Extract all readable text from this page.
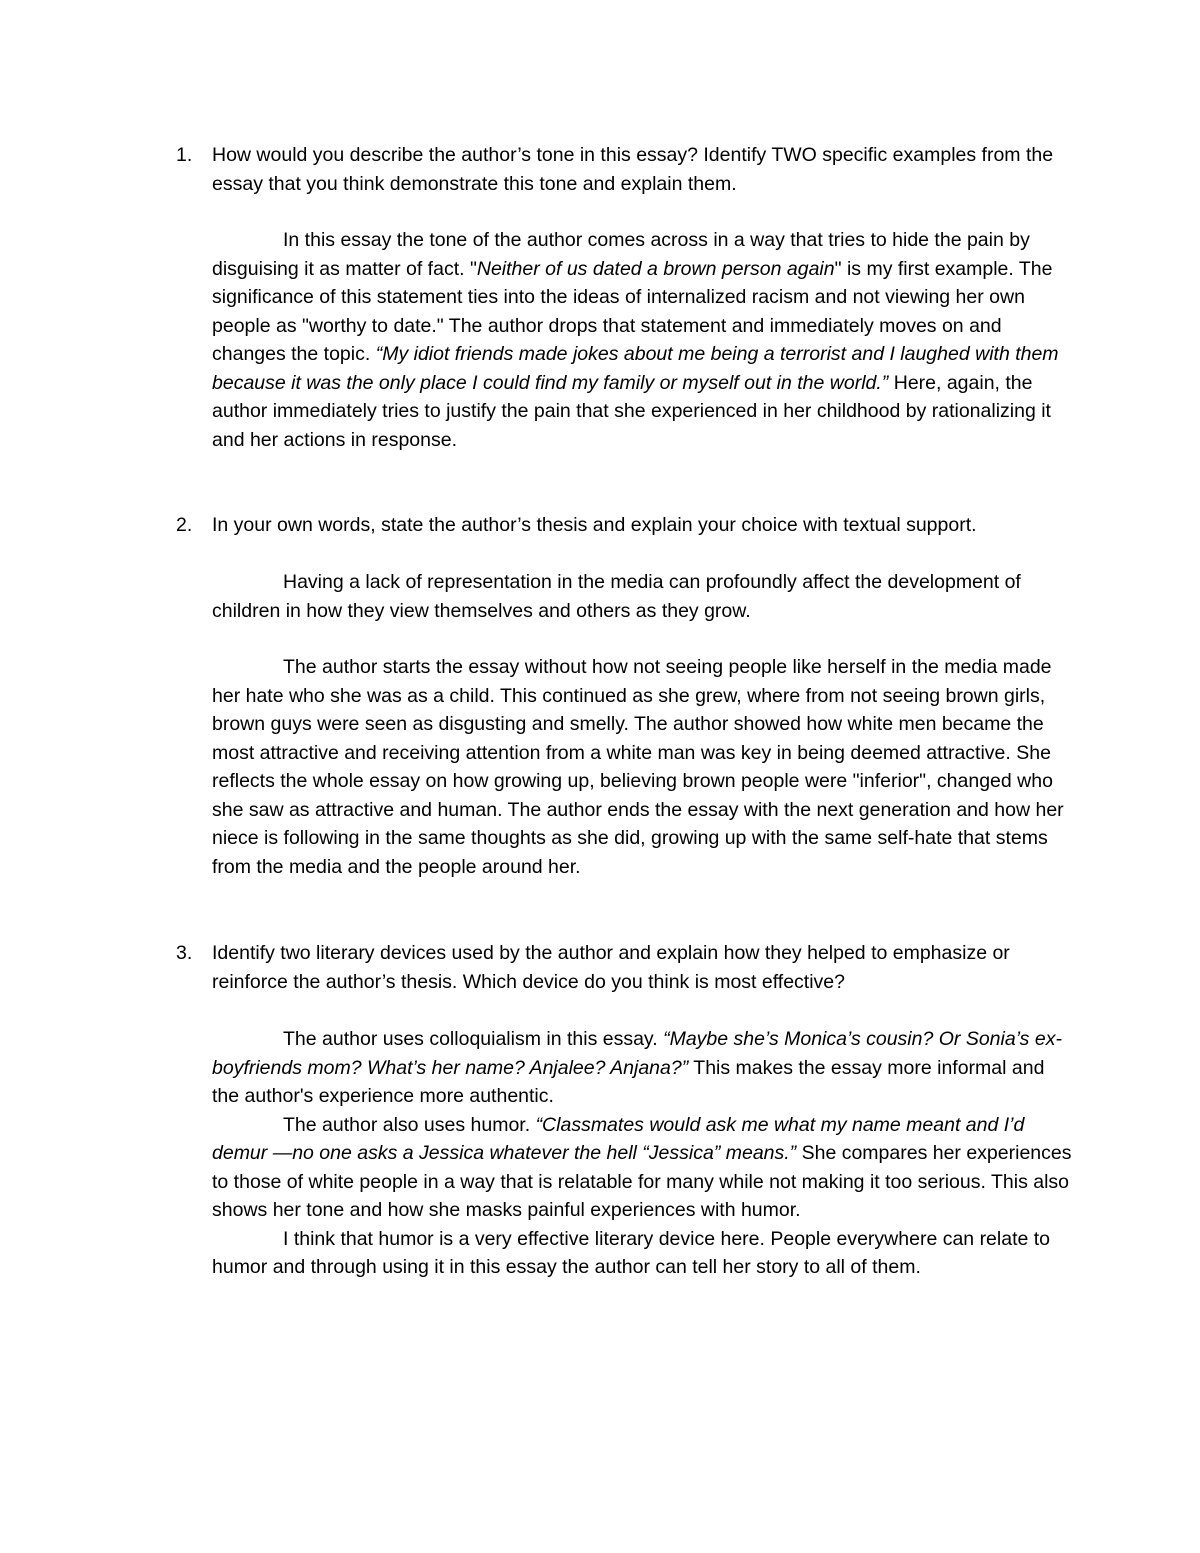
1.	How would you describe the author’s tone in this essay? Identify TWO specific examples from the essay that you think demonstrate this tone and explain them.

In this essay the tone of the author comes across in a way that tries to hide the pain by disguising it as matter of fact. "Neither of us dated a brown person again" is my first example. The significance of this statement ties into the ideas of internalized racism and not viewing her own people as "worthy to date." The author drops that statement and immediately moves on and changes the topic. “My idiot friends made jokes about me being a terrorist and I laughed with them because it was the only place I could find my family or myself out in the world.” Here, again, the author immediately tries to justify the pain that she experienced in her childhood by rationalizing it and her actions in response.

2.	In your own words, state the author’s thesis and explain your choice with textual support.

Having a lack of representation in the media can profoundly affect the development of children in how they view themselves and others as they grow.

The author starts the essay without how not seeing people like herself in the media made her hate who she was as a child. This continued as she grew, where from not seeing brown girls, brown guys were seen as disgusting and smelly. The author showed how white men became the most attractive and receiving attention from a white man was key in being deemed attractive. She reflects the whole essay on how growing up, believing brown people were "inferior", changed who she saw as attractive and human. The author ends the essay with the next generation and how her niece is following in the same thoughts as she did, growing up with the same self-hate that stems from the media and the people around her.

3.	Identify two literary devices used by the author and explain how they helped to emphasize or reinforce the author’s thesis. Which device do you think is most effective?

The author uses colloquialism in this essay. “Maybe she’s Monica’s cousin? Or Sonia’s ex-boyfriends mom? What’s her name? Anjalee? Anjana?” This makes the essay more informal and the author's experience more authentic.

The author also uses humor. “Classmates would ask me what my name meant and I’d demur —no one asks a Jessica whatever the hell “Jessica” means.” She compares her experiences to those of white people in a way that is relatable for many while not making it too serious. This also shows her tone and how she masks painful experiences with humor.

I think that humor is a very effective literary device here. People everywhere can relate to humor and through using it in this essay the author can tell her story to all of them.
